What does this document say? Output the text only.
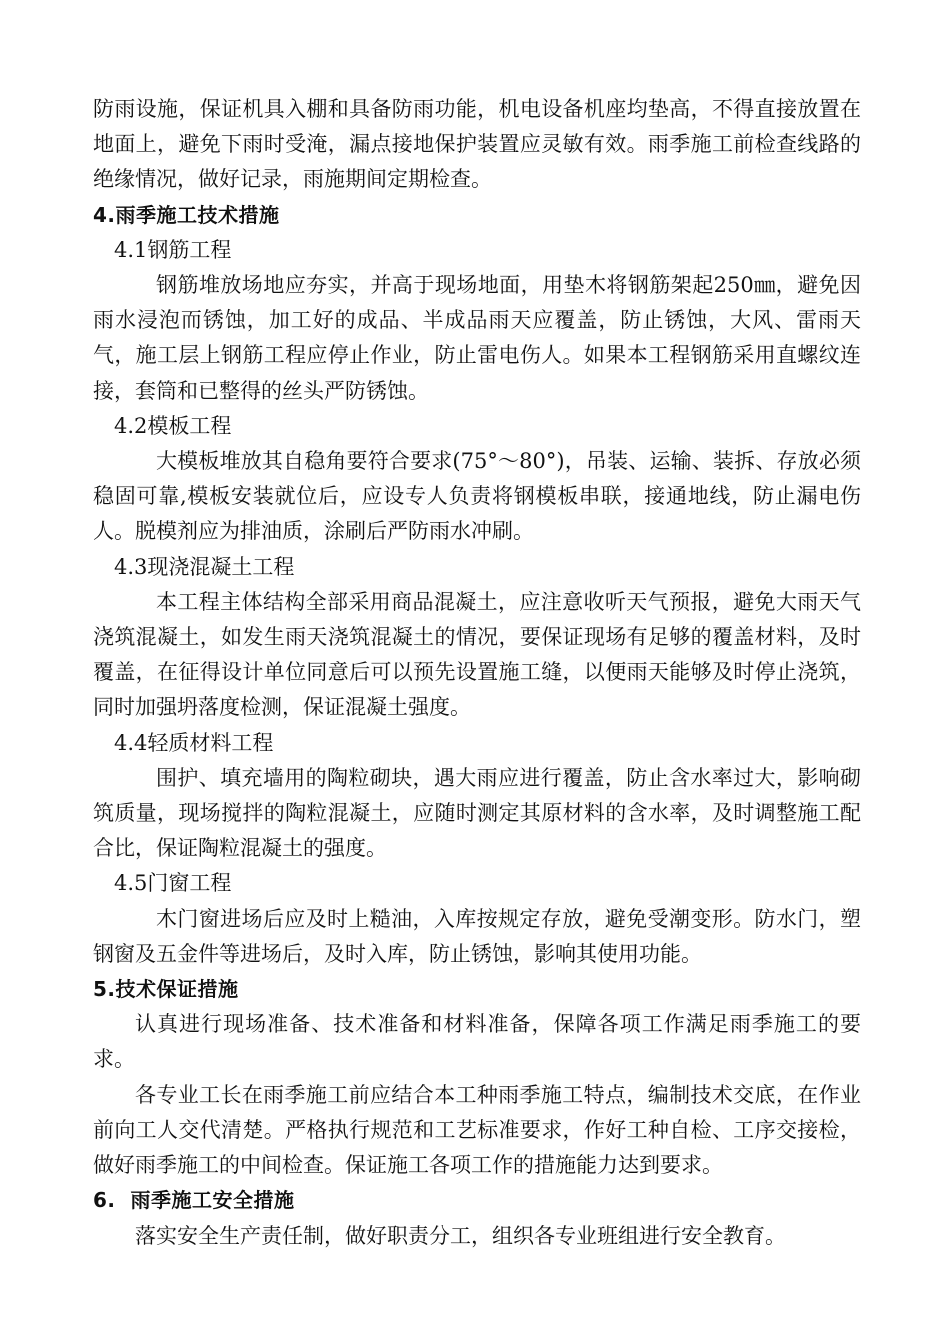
防雨设施，保证机具入棚和具备防雨功能，机电设备机座均垫高，不得直接放置在地面上，避免下雨时受淹，漏点接地保护装置应灵敏有效。雨季施工前检查线路的绝缘情况，做好记录，雨施期间定期检查。

4.雨季施工技术措施

4.1钢筋工程

钢筋堆放场地应夯实，并高于现场地面，用垫木将钢筋架起250㎜，避免因雨水浸泡而锈蚀，加工好的成品、半成品雨天应覆盖，防止锈蚀，大风、雷雨天气，施工层上钢筋工程应停止作业，防止雷电伤人。如果本工程钢筋采用直螺纹连接，套筒和已整得的丝头严防锈蚀。

4.2模板工程

大模板堆放其自稳角要符合要求(75°～80°)，吊装、运输、装拆、存放必须稳固可靠,模板安装就位后，应设专人负责将钢模板串联，接通地线，防止漏电伤人。脱模剂应为排油质，涂刷后严防雨水冲刷。

4.3现浇混凝土工程

本工程主体结构全部采用商品混凝土，应注意收听天气预报，避免大雨天气浇筑混凝土，如发生雨天浇筑混凝土的情况，要保证现场有足够的覆盖材料，及时覆盖，在征得设计单位同意后可以预先设置施工缝，以便雨天能够及时停止浇筑，同时加强坍落度检测，保证混凝土强度。

4.4轻质材料工程

围护、填充墙用的陶粒砌块，遇大雨应进行覆盖，防止含水率过大，影响砌筑质量，现场搅拌的陶粒混凝土，应随时测定其原材料的含水率，及时调整施工配合比，保证陶粒混凝土的强度。

4.5门窗工程

木门窗进场后应及时上糙油，入库按规定存放，避免受潮变形。防水门，塑钢窗及五金件等进场后，及时入库，防止锈蚀，影响其使用功能。

5.技术保证措施

认真进行现场准备、技术准备和材料准备，保障各项工作满足雨季施工的要求。

各专业工长在雨季施工前应结合本工种雨季施工特点，编制技术交底，在作业前向工人交代清楚。严格执行规范和工艺标准要求，作好工种自检、工序交接检，做好雨季施工的中间检查。保证施工各项工作的措施能力达到要求。

6.  雨季施工安全措施

落实安全生产责任制，做好职责分工，组织各专业班组进行安全教育。
